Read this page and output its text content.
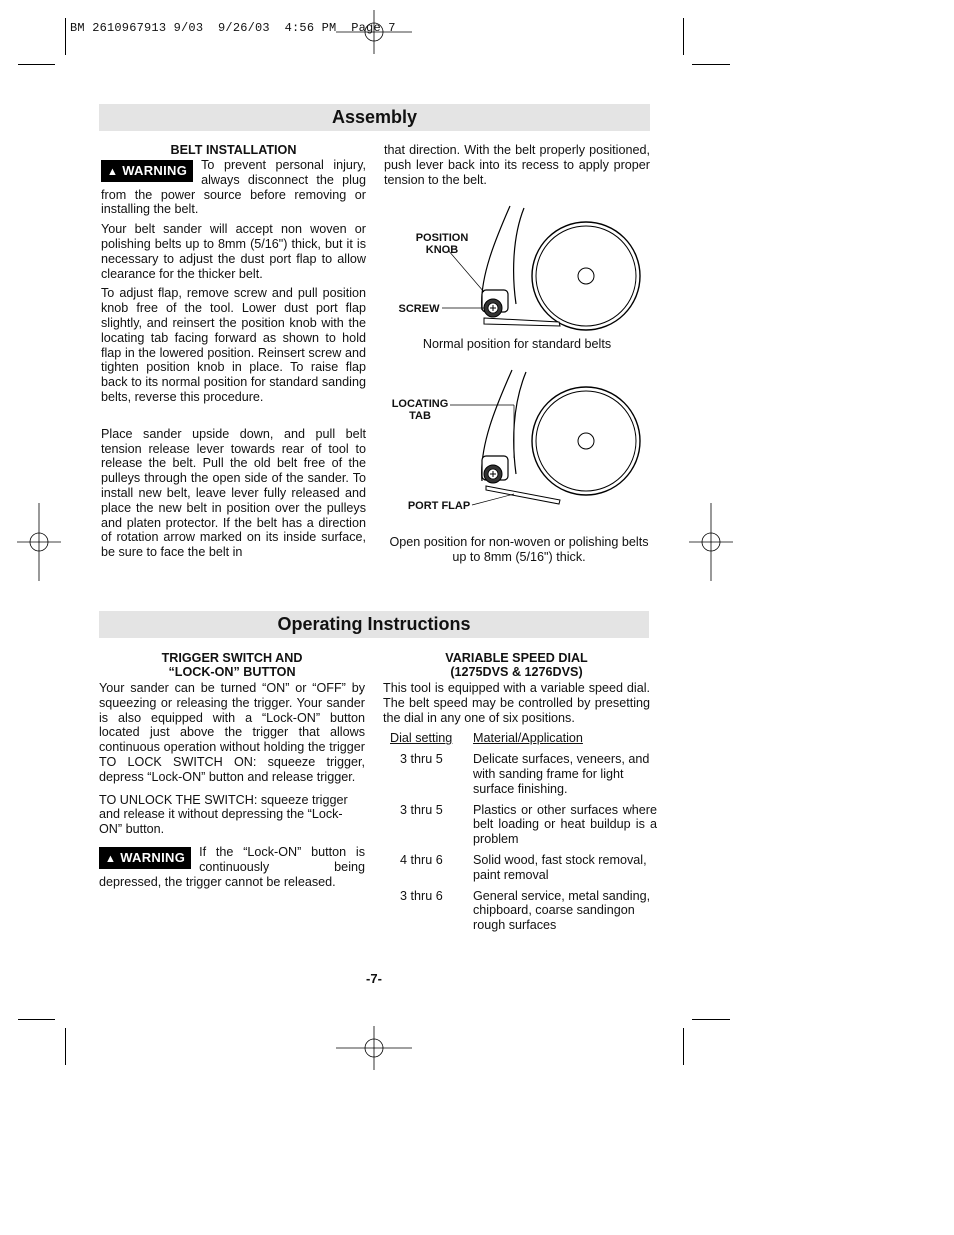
BM 2610967913 9/03  9/26/03  4:56 PM  Page 7
Assembly
BELT INSTALLATION

▲ WARNING	To prevent personal injury, always disconnect the plug from the power source before removing or installing the belt.

Your belt sander will accept non woven or polishing belts up to 8mm (5/16") thick, but it is necessary to adjust the dust port flap to allow clearance for the thicker belt.

To adjust flap, remove screw and pull position knob free of the tool. Lower dust port flap slightly, and reinsert the position knob with the locating tab facing forward as shown to hold flap in the lowered position. Reinsert screw and tighten position knob in place. To raise flap back to its normal position for standard sanding belts, reverse this procedure.

Place sander upside down, and pull belt tension release lever towards rear of tool to release the belt. Pull the old belt free of the pulleys through the open side of the sander. To install new belt, leave lever fully released and place the new belt in position over the pulleys and platen protector. If the belt has a direction of rotation arrow marked on its inside surface, be sure to face the belt in

that direction. With the belt properly positioned, push lever back into its recess to apply proper tension to the belt.
POSITION
KNOB
SCREW
Normal position for standard belts
LOCATING
TAB
PORT FLAP
Open position for non-woven or polishing belts up to 8mm (5/16") thick.
Operating Instructions
TRIGGER SWITCH AND
“LOCK-ON” BUTTON

Your sander can be turned “ON” or “OFF” by squeezing or releasing the trigger. Your sander is also equipped with a “Lock-ON” button located just above the trigger that allows continuous operation without holding the trigger TO LOCK SWITCH ON: squeeze trigger, depress “Lock-ON” button and release trigger.

TO UNLOCK THE SWITCH: squeeze trigger and release it without depressing the “Lock-ON” button.

▲ WARNING	If the “Lock-ON” button is continuously being depressed, the trigger cannot be released.

VARIABLE SPEED DIAL
(1275DVS & 1276DVS)
This tool is equipped with a variable speed dial. The belt speed may be controlled by presetting the dial in any one of six positions.
Dial setting	Material/Application
3 thru 5	Delicate surfaces, veneers, and with sanding frame for light surface finishing.
3 thru 5	Plastics or other surfaces where belt loading or heat buildup is a problem
4 thru 6	Solid wood, fast stock removal, paint removal
3 thru 6	General service, metal sanding, chipboard, coarse sandingon rough surfaces
-7-
